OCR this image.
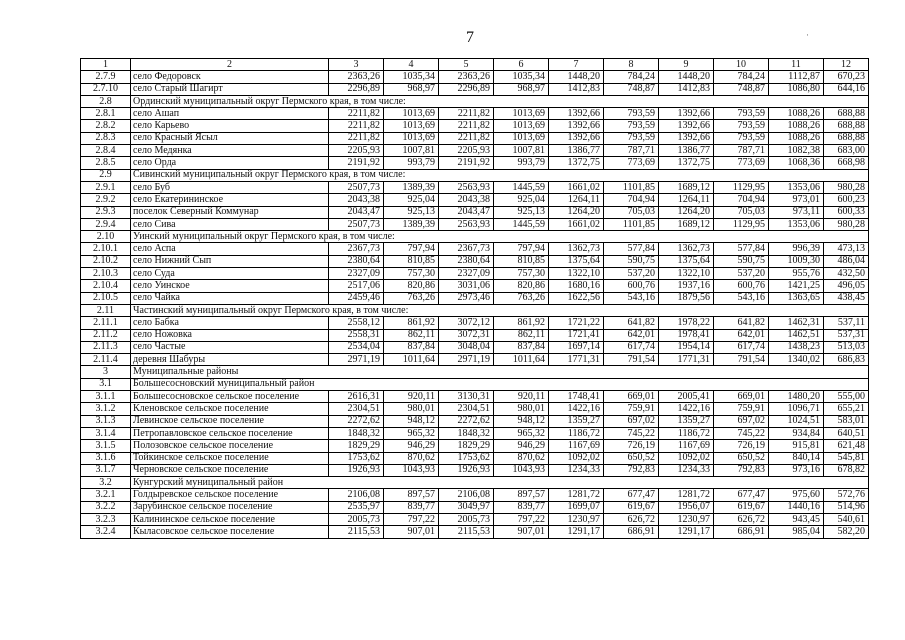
7	·
1	2	3	4	5	6	7	8	9	10	11	12
2.7.9	село Федоровск	2363,26	1035,34	2363,26	1035,34	1448,20	784,24	1448,20	784,24	1112,87	670,23
2.7.10	село Старый Шагирт	2296,89	968,97	2296,89	968,97	1412,83	748,87	1412,83	748,87	1086,80	644,16
2.8	Ординский муниципальный округ Пермского края, в том числе:										
2.8.1	село Ашап	2211,82	1013,69	2211,82	1013,69	1392,66	793,59	1392,66	793,59	1088,26	688,88
2.8.2	село Карьево	2211,82	1013,69	2211,82	1013,69	1392,66	793,59	1392,66	793,59	1088,26	688,88
2.8.3	село Красный Ясыл	2211,82	1013,69	2211,82	1013,69	1392,66	793,59	1392,66	793,59	1088,26	688,88
2.8.4	село Медянка	2205,93	1007,81	2205,93	1007,81	1386,77	787,71	1386,77	787,71	1082,38	683,00
2.8.5	село Орда	2191,92	993,79	2191,92	993,79	1372,75	773,69	1372,75	773,69	1068,36	668,98
2.9	Сивинский муниципальный округ Пермского края, в том числе:										
2.9.1	село Буб	2507,73	1389,39	2563,93	1445,59	1661,02	1101,85	1689,12	1129,95	1353,06	980,28
2.9.2	село Екатерининское	2043,38	925,04	2043,38	925,04	1264,11	704,94	1264,11	704,94	973,01	600,23
2.9.3	поселок Северный Коммунар	2043,47	925,13	2043,47	925,13	1264,20	705,03	1264,20	705,03	973,11	600,33
2.9.4	село Сива	2507,73	1389,39	2563,93	1445,59	1661,02	1101,85	1689,12	1129,95	1353,06	980,28
2.10	Уинский муниципальный округ Пермского края, в том числе:										
2.10.1	село Аспа	2367,73	797,94	2367,73	797,94	1362,73	577,84	1362,73	577,84	996,39	473,13
2.10.2	село Нижний Сып	2380,64	810,85	2380,64	810,85	1375,64	590,75	1375,64	590,75	1009,30	486,04
2.10.3	село Суда	2327,09	757,30	2327,09	757,30	1322,10	537,20	1322,10	537,20	955,76	432,50
2.10.4	село Уинское	2517,06	820,86	3031,06	820,86	1680,16	600,76	1937,16	600,76	1421,25	496,05
2.10.5	село Чайка	2459,46	763,26	2973,46	763,26	1622,56	543,16	1879,56	543,16	1363,65	438,45
2.11	Частинский муниципальный округ Пермского края, в том числе:										
2.11.1	село Бабка	2558,12	861,92	3072,12	861,92	1721,22	641,82	1978,22	641,82	1462,31	537,11
2.11.2	село Ножовка	2558,31	862,11	3072,31	862,11	1721,41	642,01	1978,41	642,01	1462,51	537,31
2.11.3	село Частые	2534,04	837,84	3048,04	837,84	1697,14	617,74	1954,14	617,74	1438,23	513,03
2.11.4	деревня Шабуры	2971,19	1011,64	2971,19	1011,64	1771,31	791,54	1771,31	791,54	1340,02	686,83
3	Муниципальные районы										
3.1	Большесосновский муниципальный район										
3.1.1	Большесосновское сельское поселение	2616,31	920,11	3130,31	920,11	1748,41	669,01	2005,41	669,01	1480,20	555,00
3.1.2	Кленовское сельское поселение	2304,51	980,01	2304,51	980,01	1422,16	759,91	1422,16	759,91	1096,71	655,21
3.1.3	Левинское сельское поселение	2272,62	948,12	2272,62	948,12	1359,27	697,02	1359,27	697,02	1024,51	583,01
3.1.4	Петропавловское сельское поселение	1848,32	965,32	1848,32	965,32	1186,72	745,22	1186,72	745,22	934,84	640,51
3.1.5	Полозовское сельское поселение	1829,29	946,29	1829,29	946,29	1167,69	726,19	1167,69	726,19	915,81	621,48
3.1.6	Тойкинское сельское поселение	1753,62	870,62	1753,62	870,62	1092,02	650,52	1092,02	650,52	840,14	545,81
3.1.7	Черновское сельское поселение	1926,93	1043,93	1926,93	1043,93	1234,33	792,83	1234,33	792,83	973,16	678,82
3.2	Кунгурский муниципальный район										
3.2.1	Голдыревское сельское поселение	2106,08	897,57	2106,08	897,57	1281,72	677,47	1281,72	677,47	975,60	572,76
3.2.2	Зарубинское сельское поселение	2535,97	839,77	3049,97	839,77	1699,07	619,67	1956,07	619,67	1440,16	514,96
3.2.3	Калининское сельское поселение	2005,73	797,22	2005,73	797,22	1230,97	626,72	1230,97	626,72	943,45	540,61
3.2.4	Кыласовское сельское поселение	2115,53	907,01	2115,53	907,01	1291,17	686,91	1291,17	686,91	985,04	582,20
